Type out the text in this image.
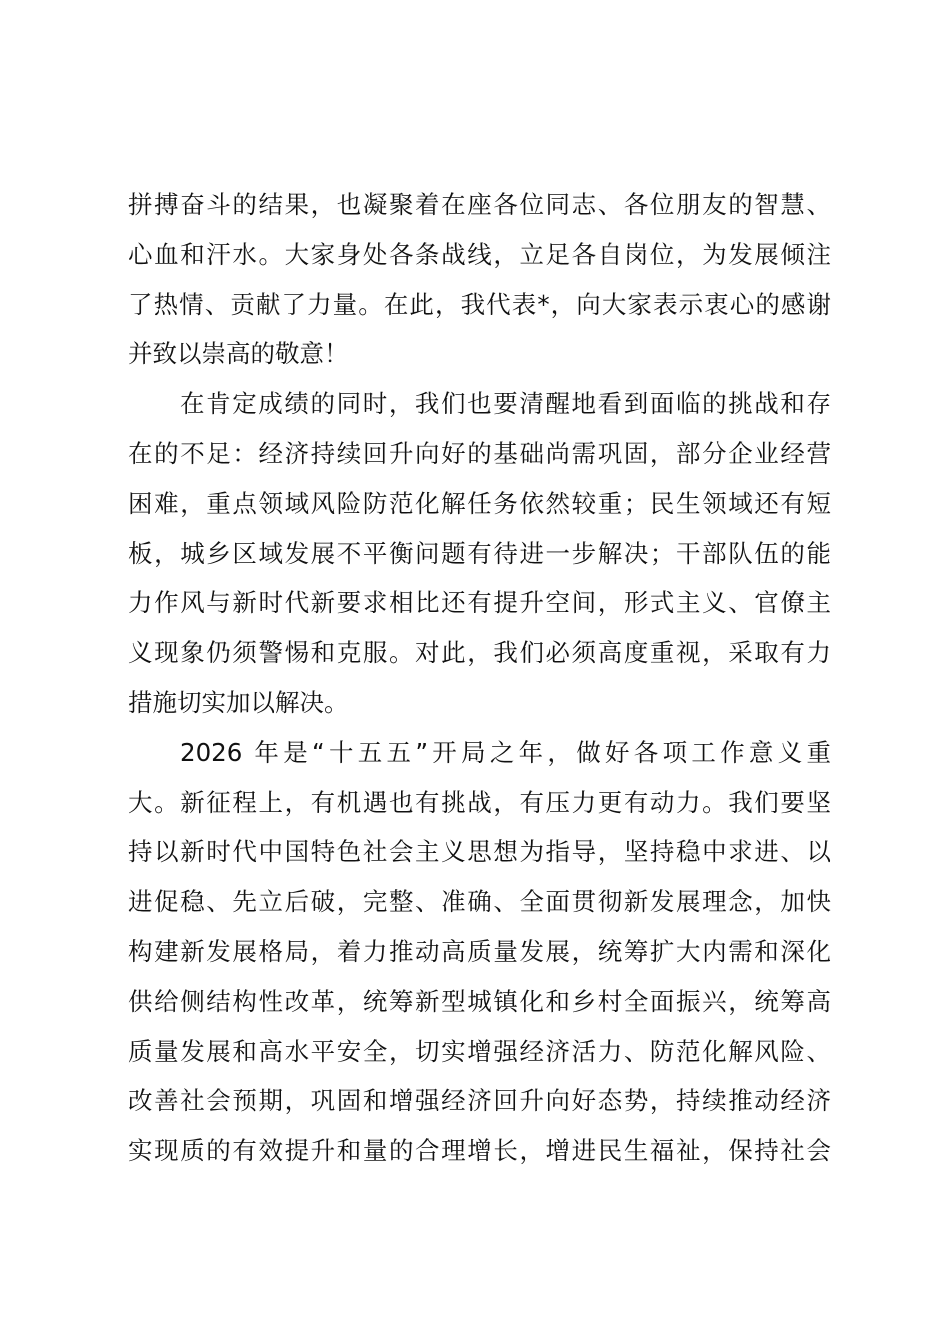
拼搏奋斗的结果，也凝聚着在座各位同志、各位朋友的智慧、
心血和汗水。大家身处各条战线，立足各自岗位，为发展倾注
了热情、贡献了力量。在此，我代表*，向大家表示衷心的感谢
并致以崇高的敬意！
在肯定成绩的同时，我们也要清醒地看到面临的挑战和存
在的不足：经济持续回升向好的基础尚需巩固，部分企业经营
困难，重点领域风险防范化解任务依然较重；民生领域还有短
板，城乡区域发展不平衡问题有待进一步解决；干部队伍的能
力作风与新时代新要求相比还有提升空间，形式主义、官僚主
义现象仍须警惕和克服。对此，我们必须高度重视，采取有力
措施切实加以解决。
2026 年是“十五五”开局之年，做好各项工作意义重
大。新征程上，有机遇也有挑战，有压力更有动力。我们要坚
持以新时代中国特色社会主义思想为指导，坚持稳中求进、以
进促稳、先立后破，完整、准确、全面贯彻新发展理念，加快
构建新发展格局，着力推动高质量发展，统筹扩大内需和深化
供给侧结构性改革，统筹新型城镇化和乡村全面振兴，统筹高
质量发展和高水平安全，切实增强经济活力、防范化解风险、
改善社会预期，巩固和增强经济回升向好态势，持续推动经济
实现质的有效提升和量的合理增长，增进民生福祉，保持社会
